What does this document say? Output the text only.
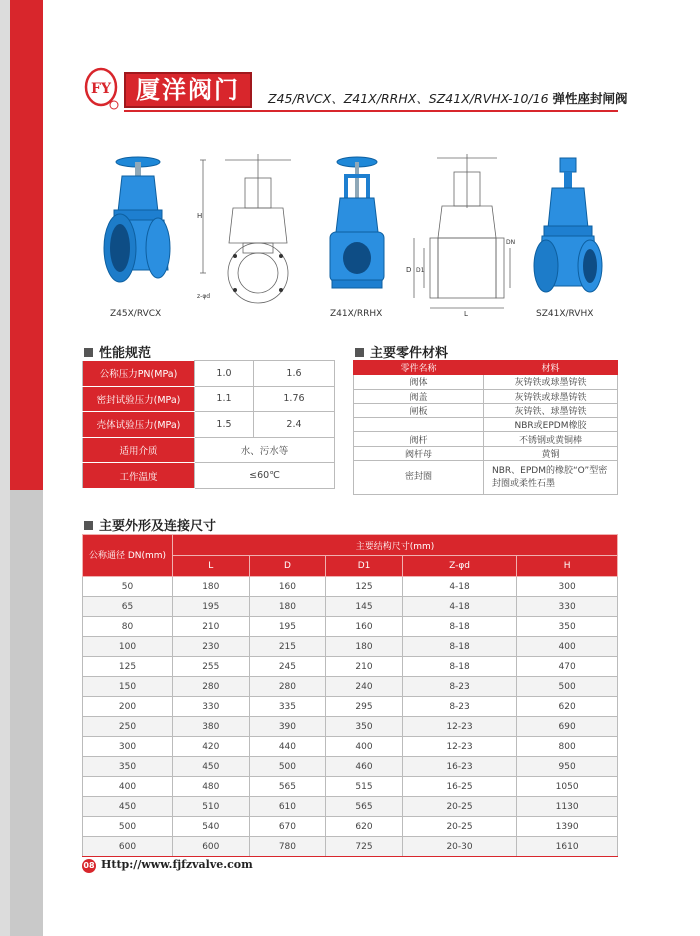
FY	厦洋阀门	Z45/RVCX、Z41X/RRHX、SZ41X/RVHX-10/16 弹性座封闸阀
Z45X/RVCX
H
z-φd
Z41X/RRHX
D D1
DN
L	SZ41X/RVHX
性能规范
公称压力PN(MPa)	1.0	1.6
密封试验压力(MPa)	1.1	1.76
壳体试验压力(MPa)	1.5	2.4
适用介质	水、污水等	
工作温度	≤60℃	
主要零件材料
零件名称	材料
阀体	灰铸铁或球墨铸铁
阀盖	灰铸铁或球墨铸铁
闸板	灰铸铁、球墨铸铁
	NBR或EPDM橡胶
阀杆	不锈钢或黄铜棒
阀杆母	黄铜
密封圈	NBR、EPDM的橡胶“O”型密封圈或柔性石墨
主要外形及连接尺寸
公称通径 DN(mm)	主要结构尺寸(mm)				
	L	D	D1	Z-φd	H
50	180	160	125	4-18	300
65	195	180	145	4-18	330
80	210	195	160	8-18	350
100	230	215	180	8-18	400
125	255	245	210	8-18	470
150	280	280	240	8-23	500
200	330	335	295	8-23	620
250	380	390	350	12-23	690
300	420	440	400	12-23	800
350	450	500	460	16-23	950
400	480	565	515	16-25	1050
450	510	610	565	20-25	1130
500	540	670	620	20-25	1390
600	600	780	725	20-30	1610
08 Http://www.fjfzvalve.com
